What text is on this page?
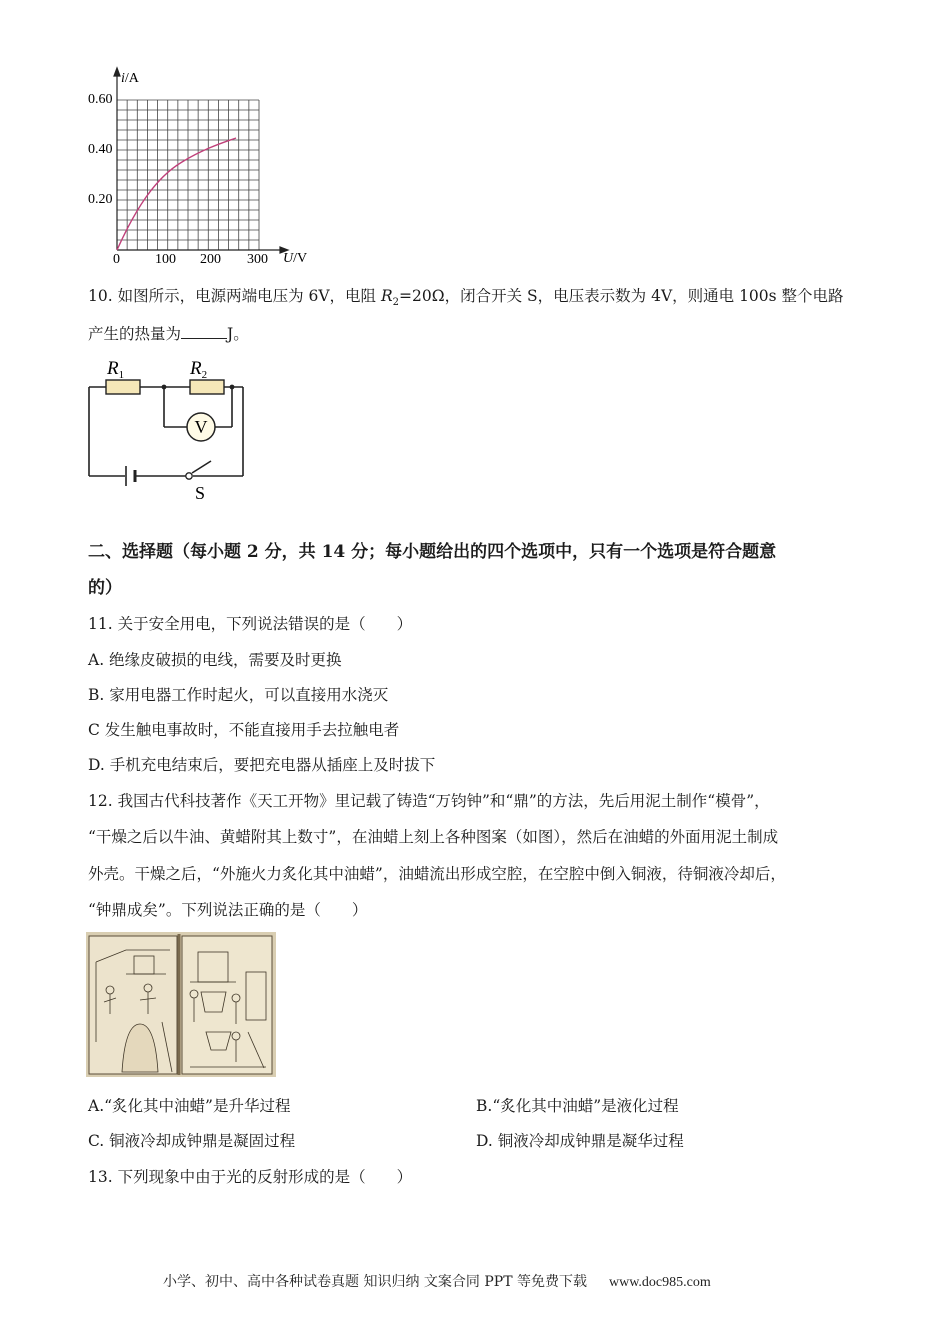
i/A
U/V
0.60
0.40
0.20
0	100 200 300
10. 如图所示，电源两端电压为 6V，电阻 $R_2=20\Omega$，闭合开关 S，电压表示数为 4V，则通电 100s 整个电路
产生的热量为	J。
V
$R_1$	$R_2$
S
二、选择题（每小题 2 分，共 14 分；每小题给出的四个选项中，只有一个选项是符合题意
的）
11. 关于安全用电，下列说法错误的是（　　）
A. 绝缘皮破损的电线，需要及时更换
B. 家用电器工作时起火，可以直接用水浇灭
C 发生触电事故时，不能直接用手去拉触电者
D. 手机充电结束后，要把充电器从插座上及时拔下
12. 我国古代科技著作《天工开物》里记载了铸造“万钧钟”和“鼎”的方法，先后用泥土制作“模骨”，
“干燥之后以牛油、黄蜡附其上数寸”，在油蜡上刻上各种图案（如图），然后在油蜡的外面用泥土制成
外壳。干燥之后，“外施火力炙化其中油蜡”，油蜡流出形成空腔，在空腔中倒入铜液，待铜液冷却后，
“钟鼎成矣”。下列说法正确的是（　　）
A.“炙化其中油蜡”是升华过程	B.“炙化其中油蜡”是液化过程
C. 铜液冷却成钟鼎是凝固过程	D. 铜液冷却成钟鼎是凝华过程
13. 下列现象中由于光的反射形成的是（　　）
小学、初中、高中各种试卷真题 知识归纳 文案合同 PPT 等免费下载 www.doc985.com
